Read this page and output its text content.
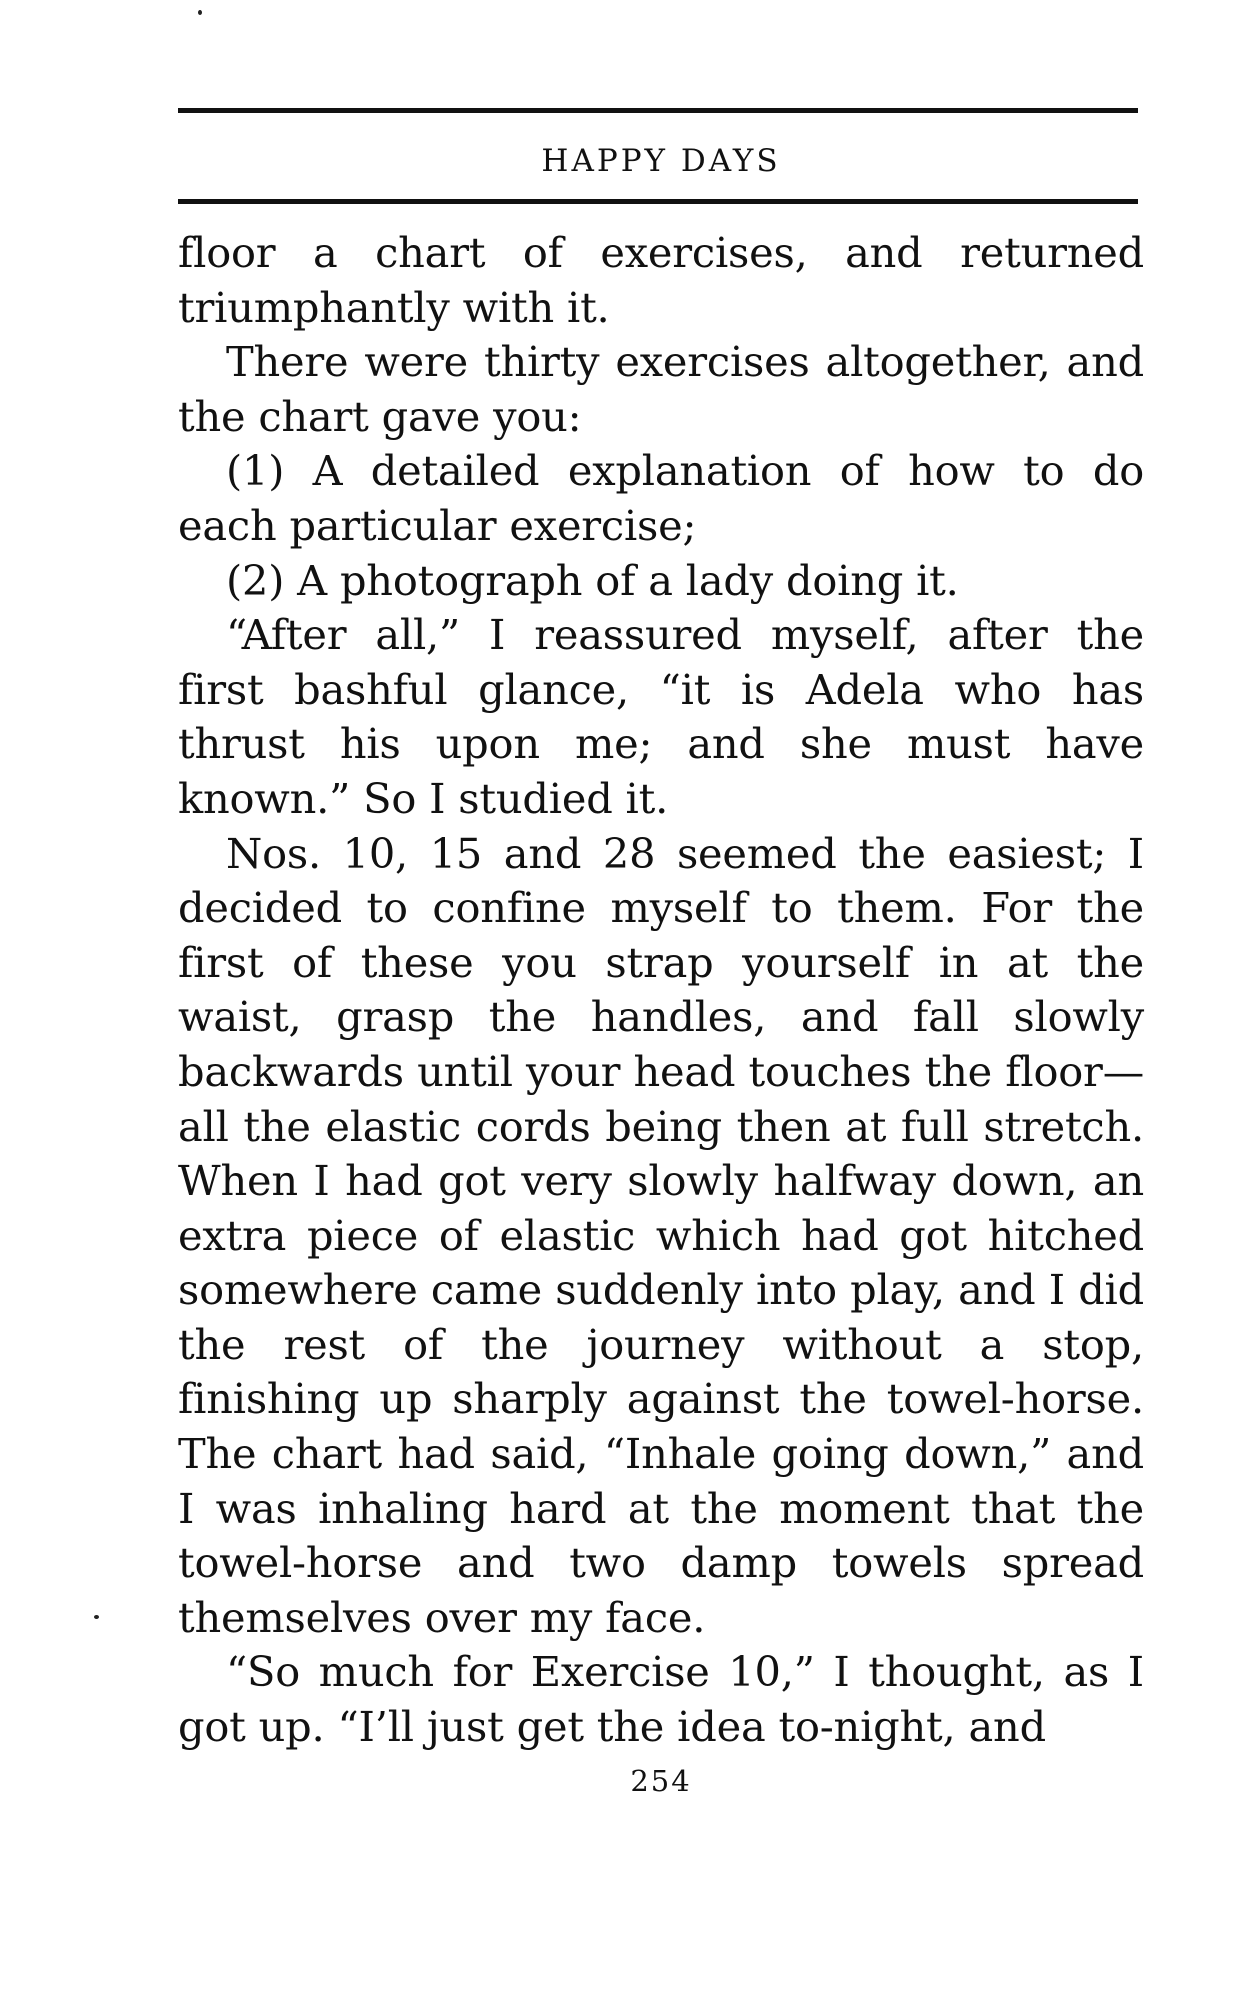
HAPPY DAYS

floor a chart of exercises, and returned triumphantly with it.

There were thirty exercises altogether, and the chart gave you:

(1) A detailed explanation of how to do each particular exercise;

(2) A photograph of a lady doing it.

“After all,” I reassured myself, after the first bashful glance, “it is Adela who has thrust his upon me; and she must have known.” So I studied it.

Nos. 10, 15 and 28 seemed the easiest; I decided to confine myself to them. For the first of these you strap yourself in at the waist, grasp the handles, and fall slowly backwards until your head touches the floor—all the elastic cords being then at full stretch. When I had got very slowly halfway down, an extra piece of elastic which had got hitched somewhere came suddenly into play, and I did the rest of the journey without a stop, finishing up sharply against the towel-horse. The chart had said, “Inhale going down,” and I was inhaling hard at the moment that the towel-horse and two damp towels spread themselves over my face.

“So much for Exercise 10,” I thought, as I got up. “I’ll just get the idea to-night, and

254
